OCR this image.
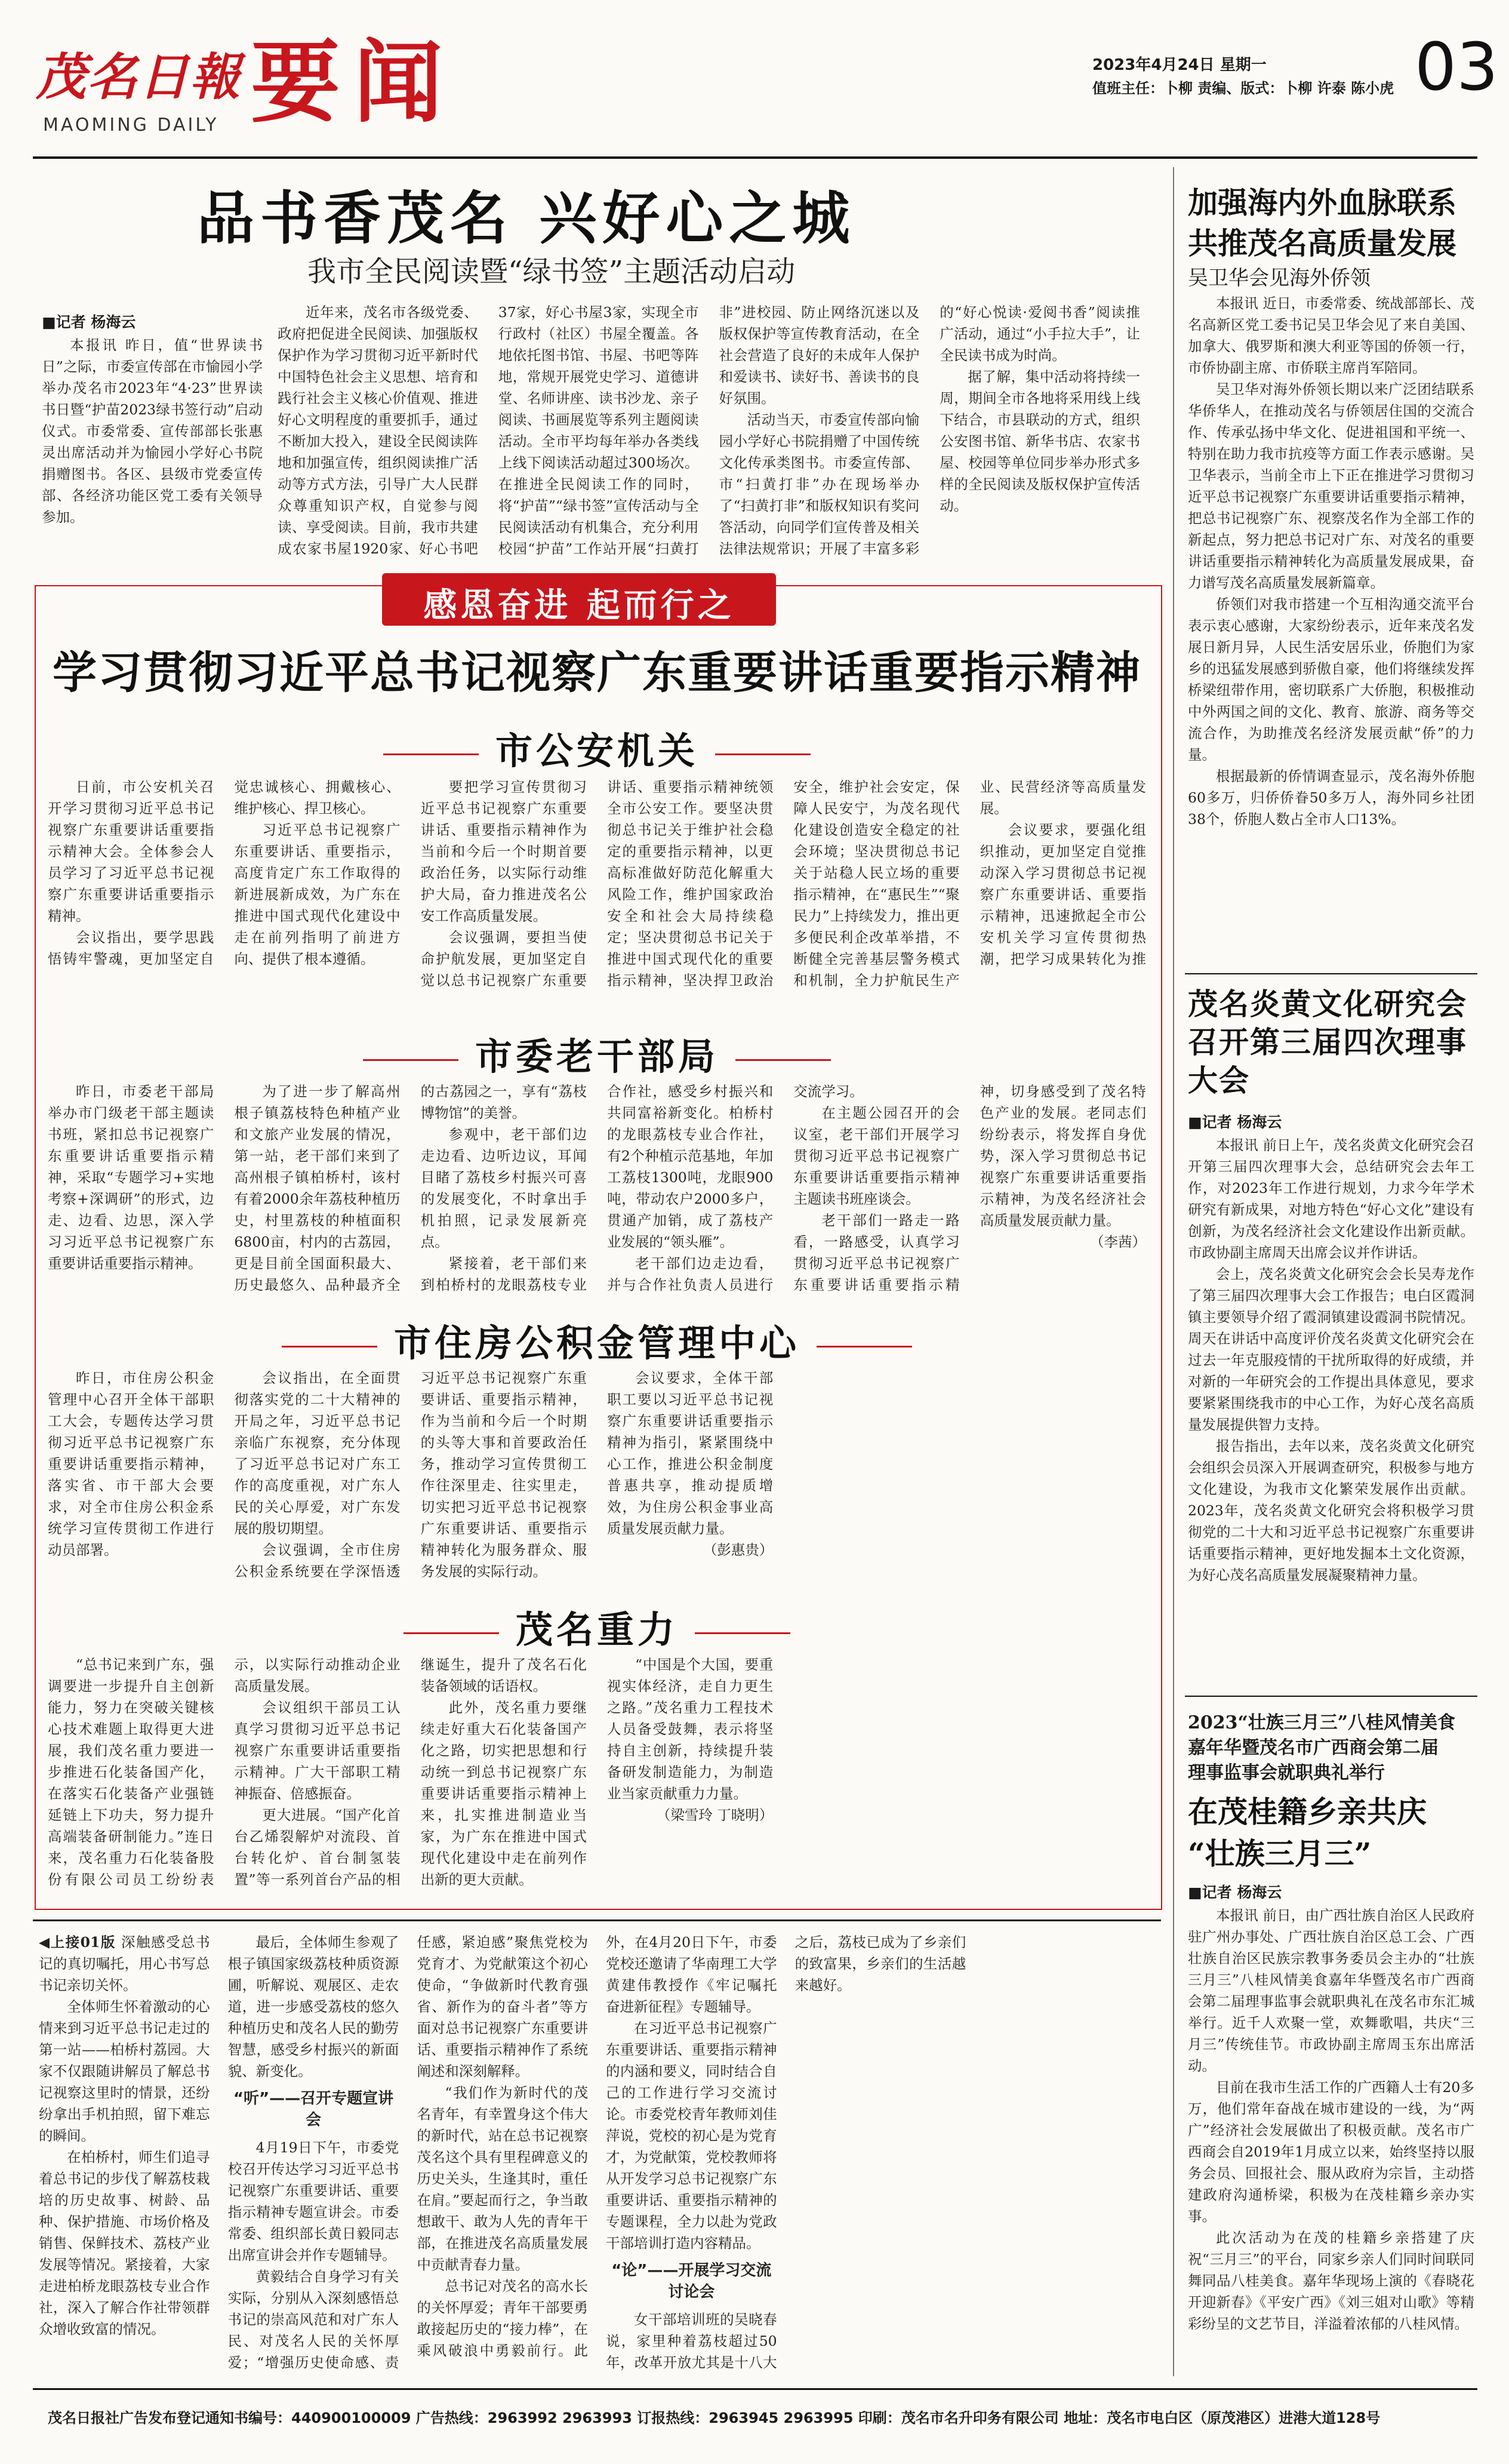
茂名日報
MAOMING DAILY 要闻	2023年4月24日 星期一
值班主任：卜柳 责编、版式：卜柳 许泰 陈小虎 03
品书香茂名 兴好心之城
我市全民阅读暨“绿书签”主题活动启动
■记者 杨海云

本报讯 昨日，值“世界读书日”之际，市委宣传部在市愉园小学举办茂名市2023年“4·23”世界读书日暨“护苗2023绿书签行动”启动仪式。市委常委、宣传部部长张惠灵出席活动并为愉园小学好心书院捐赠图书。各区、县级市党委宣传部、各经济功能区党工委有关领导参加。

近年来，茂名市各级党委、政府把促进全民阅读、加强版权保护作为学习贯彻习近平新时代中国特色社会主义思想、培育和践行社会主义核心价值观、推进好心文明程度的重要抓手，通过不断加大投入，建设全民阅读阵地和加强宣传，组织阅读推广活动等方式方法，引导广大人民群众尊重知识产权，自觉参与阅读、享受阅读。目前，我市共建成农家书屋1920家、好心书吧37家，好心书屋3家，实现全市行政村（社区）书屋全覆盖。各地依托图书馆、书屋、书吧等阵地，常规开展党史学习、道德讲堂、名师讲座、读书沙龙、亲子阅读、书画展览等系列主题阅读活动。全市平均每年举办各类线上线下阅读活动超过300场次。在推进全民阅读工作的同时，将“护苗”“绿书签”宣传活动与全民阅读活动有机集合，充分利用校园“护苗”工作站开展“扫黄打非”进校园、防止网络沉迷以及版权保护等宣传教育活动，在全社会营造了良好的未成年人保护和爱读书、读好书、善读书的良好氛围。

活动当天，市委宣传部向愉园小学好心书院捐赠了中国传统文化传承类图书。市委宣传部、市“扫黄打非”办在现场举办了“扫黄打非”和版权知识有奖问答活动，向同学们宣传普及相关法律法规常识；开展了丰富多彩的“好心悦读·爱阅书香”阅读推广活动，通过“小手拉大手”，让全民读书成为时尚。

据了解，集中活动将持续一周，期间全市各地将采用线上线下结合，市县联动的方式，组织公安图书馆、新华书店、农家书屋、校园等单位同步举办形式多样的全民阅读及版权保护宣传活动。

感恩奋进 起而行之
学习贯彻习近平总书记视察广东重要讲话重要指示精神
市公安机关

日前，市公安机关召开学习贯彻习近平总书记视察广东重要讲话重要指示精神大会。全体参会人员学习了习近平总书记视察广东重要讲话重要指示精神。

会议指出，要学思践悟铸牢警魂，更加坚定自觉忠诚核心、拥戴核心、维护核心、捍卫核心。

习近平总书记视察广东重要讲话、重要指示，高度肯定广东工作取得的新进展新成效，为广东在推进中国式现代化建设中走在前列指明了前进方向、提供了根本遵循。

要把学习宣传贯彻习近平总书记视察广东重要讲话、重要指示精神作为当前和今后一个时期首要政治任务，以实际行动维护大局，奋力推进茂名公安工作高质量发展。

会议强调，要担当使命护航发展，更加坚定自觉以总书记视察广东重要讲话、重要指示精神统领全市公安工作。要坚决贯彻总书记关于维护社会稳定的重要指示精神，以更高标准做好防范化解重大风险工作，维护国家政治安全和社会大局持续稳定；坚决贯彻总书记关于推进中国式现代化的重要指示精神，坚决捍卫政治安全，维护社会安定，保障人民安宁，为茂名现代化建设创造安全稳定的社会环境；坚决贯彻总书记关于站稳人民立场的重要指示精神，在“惠民生”“聚民力”上持续发力，推出更多便民利企改革举措，不断健全完善基层警务模式和机制，全力护航民生产业、民营经济等高质量发展。

会议要求，要强化组织推动，更加坚定自觉推动深入学习贯彻总书记视察广东重要讲话、重要指示精神，迅速掀起全市公安机关学习宣传贯彻热潮，把学习成果转化为推

市委老干部局

昨日，市委老干部局举办市门级老干部主题读书班，紧扣总书记视察广东重要讲话重要指示精神，采取“专题学习+实地考察+深调研”的形式，边走、边看、边思，深入学习习近平总书记视察广东重要讲话重要指示精神。

为了进一步了解高州根子镇荔枝特色种植产业和文旅产业发展的情况，第一站，老干部们来到了高州根子镇柏桥村，该村有着2000余年荔枝种植历史，村里荔枝的种植面积6800亩，村内的古荔园，更是目前全国面积最大、历史最悠久、品种最齐全的古荔园之一，享有“荔枝博物馆”的美誉。

参观中，老干部们边走边看、边听边议，耳闻目睹了荔枝乡村振兴可喜的发展变化，不时拿出手机拍照，记录发展新亮点。

紧接着，老干部们来到柏桥村的龙眼荔枝专业合作社，感受乡村振兴和共同富裕新变化。柏桥村的龙眼荔枝专业合作社，有2个种植示范基地，年加工荔枝1300吨，龙眼900吨，带动农户2000多户，贯通产加销，成了荔枝产业发展的“领头雁”。

老干部们边走边看，并与合作社负责人员进行交流学习。

在主题公园召开的会议室，老干部们开展学习贯彻习近平总书记视察广东重要讲话重要指示精神主题读书班座谈会。

老干部们一路走一路看，一路感受，认真学习贯彻习近平总书记视察广东重要讲话重要指示精神，切身感受到了茂名特色产业的发展。老同志们纷纷表示，将发挥自身优势，深入学习贯彻总书记视察广东重要讲话重要指示精神，为茂名经济社会高质量发展贡献力量。

（李茜）

市住房公积金管理中心

昨日，市住房公积金管理中心召开全体干部职工大会，专题传达学习贯彻习近平总书记视察广东重要讲话重要指示精神，落实省、市干部大会要求，对全市住房公积金系统学习宣传贯彻工作进行动员部署。

会议指出，在全面贯彻落实党的二十大精神的开局之年，习近平总书记亲临广东视察，充分体现了习近平总书记对广东工作的高度重视，对广东人民的关心厚爱，对广东发展的殷切期望。

会议强调，全市住房公积金系统要在学深悟透习近平总书记视察广东重要讲话、重要指示精神，作为当前和今后一个时期的头等大事和首要政治任务，推动学习宣传贯彻工作往深里走、往实里走，切实把习近平总书记视察广东重要讲话、重要指示精神转化为服务群众、服务发展的实际行动。

会议要求，全体干部职工要以习近平总书记视察广东重要讲话重要指示精神为指引，紧紧围绕中心工作，推进公积金制度普惠共享，推动提质增效，为住房公积金事业高质量发展贡献力量。

（彭惠贵）

茂名重力

“总书记来到广东，强调要进一步提升自主创新能力，努力在突破关键核心技术难题上取得更大进展，我们茂名重力要进一步推进石化装备国产化，在落实石化装备产业强链延链上下功夫，努力提升高端装备研制能力。”连日来，茂名重力石化装备股份有限公司员工纷纷表示，以实际行动推动企业高质量发展。

会议组织干部员工认真学习贯彻习近平总书记视察广东重要讲话重要指示精神。广大干部职工精神振奋、倍感振奋。

更大进展。“国产化首台乙烯裂解炉对流段、首台转化炉、首台制氢装置”等一系列首台产品的相继诞生，提升了茂名石化装备领域的话语权。

此外，茂名重力要继续走好重大石化装备国产化之路，切实把思想和行动统一到总书记视察广东重要讲话重要指示精神上来，扎实推进制造业当家，为广东在推进中国式现代化建设中走在前列作出新的更大贡献。

“中国是个大国，要重视实体经济，走自力更生之路。”茂名重力工程技术人员备受鼓舞，表示将坚持自主创新，持续提升装备研发制造能力，为制造业当家贡献重力力量。

（梁雪玲 丁晓明）

◀上接01版 深触感受总书记的真切嘱托，用心书写总书记亲切关怀。

全体师生怀着激动的心情来到习近平总书记走过的第一站——柏桥村荔园。大家不仅跟随讲解员了解总书记视察这里时的情景，还纷纷拿出手机拍照，留下难忘的瞬间。

在柏桥村，师生们追寻着总书记的步伐了解荔枝栽培的历史故事、树龄、品种、保护措施、市场价格及销售、保鲜技术、荔枝产业发展等情况。紧接着，大家走进柏桥龙眼荔枝专业合作社，深入了解合作社带领群众增收致富的情况。

最后，全体师生参观了根子镇国家级荔枝种质资源圃，听解说、观展区、走农道，进一步感受荔枝的悠久种植历史和茂名人民的勤劳智慧，感受乡村振兴的新面貌、新变化。

“听”——召开专题宣讲会

4月19日下午，市委党校召开传达学习习近平总书记视察广东重要讲话、重要指示精神专题宣讲会。市委常委、组织部长黄日毅同志出席宣讲会并作专题辅导。

黄毅结合自身学习有关实际，分别从入深刻感悟总书记的崇高风范和对广东人民、对茂名人民的关怀厚爱；“增强历史使命感、责任感，紧迫感”聚焦党校为党育才、为党献策这个初心使命，“争做新时代教育强省、新作为的奋斗者”等方面对总书记视察广东重要讲话、重要指示精神作了系统阐述和深刻解释。

“我们作为新时代的茂名青年，有幸置身这个伟大的新时代，站在总书记视察茂名这个具有里程碑意义的历史关头，生逢其时，重任在肩。”要起而行之，争当敢想敢干、敢为人先的青年干部，在推进茂名高质量发展中贡献青春力量。

总书记对茂名的高水长的关怀厚爱；青年干部要勇敢接起历史的“接力棒”，在乘风破浪中勇毅前行。此外，在4月20日下午，市委党校还邀请了华南理工大学黄建伟教授作《牢记嘱托 奋进新征程》专题辅导。

在习近平总书记视察广东重要讲话、重要指示精神的内涵和要义，同时结合自己的工作进行学习交流讨论。市委党校青年教师刘佳萍说，党校的初心是为党育才，为党献策，党校教师将从开发学习总书记视察广东重要讲话、重要指示精神的专题课程，全力以赴为党政干部培训打造内容精品。

“论”——开展学习交流讨论会

女干部培训班的吴晓春说，家里种着荔枝超过50年，改革开放尤其是十八大之后，荔枝已成为了乡亲们的致富果，乡亲们的生活越来越好。

加强海内外血脉联系
共推茂名高质量发展
吴卫华会见海外侨领

本报讯 近日，市委常委、统战部部长、茂名高新区党工委书记吴卫华会见了来自美国、加拿大、俄罗斯和澳大利亚等国的侨领一行，市侨协副主席、市侨联主席肖军陪同。

吴卫华对海外侨领长期以来广泛团结联系华侨华人，在推动茂名与侨领居住国的交流合作、传承弘扬中华文化、促进祖国和平统一、特别在助力我市抗疫等方面工作表示感谢。吴卫华表示，当前全市上下正在推进学习贯彻习近平总书记视察广东重要讲话重要指示精神，把总书记视察广东、视察茂名作为全部工作的新起点，努力把总书记对广东、对茂名的重要讲话重要指示精神转化为高质量发展成果，奋力谱写茂名高质量发展新篇章。

侨领们对我市搭建一个互相沟通交流平台表示衷心感谢，大家纷纷表示，近年来茂名发展日新月异，人民生活安居乐业，侨胞们为家乡的迅猛发展感到骄傲自豪，他们将继续发挥桥梁纽带作用，密切联系广大侨胞，积极推动中外两国之间的文化、教育、旅游、商务等交流合作，为助推茂名经济发展贡献“侨”的力量。

根据最新的侨情调查显示，茂名海外侨胞60多万，归侨侨眷50多万人，海外同乡社团38个，侨胞人数占全市人口13%。

茂名炎黄文化研究会召开第三届四次理事大会
■记者 杨海云

本报讯 前日上午，茂名炎黄文化研究会召开第三届四次理事大会，总结研究会去年工作，对2023年工作进行规划，力求今年学术研究有新成果，对地方特色“好心文化”建设有创新，为茂名经济社会文化建设作出新贡献。市政协副主席周天出席会议并作讲话。

会上，茂名炎黄文化研究会会长吴寿龙作了第三届四次理事大会工作报告；电白区霞洞镇主要领导介绍了霞洞镇建设霞洞书院情况。周天在讲话中高度评价茂名炎黄文化研究会在过去一年克服疫情的干扰所取得的好成绩，并对新的一年研究会的工作提出具体意见，要求要紧紧围绕我市的中心工作，为好心茂名高质量发展提供智力支持。

报告指出，去年以来，茂名炎黄文化研究会组织会员深入开展调查研究，积极参与地方文化建设，为我市文化繁荣发展作出贡献。2023年，茂名炎黄文化研究会将积极学习贯彻党的二十大和习近平总书记视察广东重要讲话重要指示精神，更好地发掘本土文化资源，为好心茂名高质量发展凝聚精神力量。

2023“壮族三月三”八桂风情美食
嘉年华暨茂名市广西商会第二届
理事监事会就职典礼举行
在茂桂籍乡亲共庆
“壮族三月三”
■记者 杨海云

本报讯 前日，由广西壮族自治区人民政府驻广州办事处、广西壮族自治区总工会、广西壮族自治区民族宗教事务委员会主办的“壮族三月三”八桂风情美食嘉年华暨茂名市广西商会第二届理事监事会就职典礼在茂名市东汇城举行。近千人欢聚一堂，欢舞歌唱，共庆“三月三”传统佳节。市政协副主席周玉东出席活动。

目前在我市生活工作的广西籍人士有20多万，他们常年奋战在城市建设的一线，为“两广”经济社会发展做出了积极贡献。茂名市广西商会自2019年1月成立以来，始终坚持以服务会员、回报社会、服从政府为宗旨，主动搭建政府沟通桥梁，积极为在茂桂籍乡亲办实事。

此次活动为在茂的桂籍乡亲搭建了庆祝“三月三”的平台，同家乡亲人们同时间联同舞同品八桂美食。嘉年华现场上演的《春晓花开迎新春》《平安广西》《刘三姐对山歌》等精彩纷呈的文艺节目，洋溢着浓郁的八桂风情。

茂名日报社广告发布登记通知书编号：440900100009 广告热线：2963992 2963993 订报热线：2963945 2963995 印刷：茂名市名升印务有限公司 地址：茂名市电白区（原茂港区）进港大道128号
